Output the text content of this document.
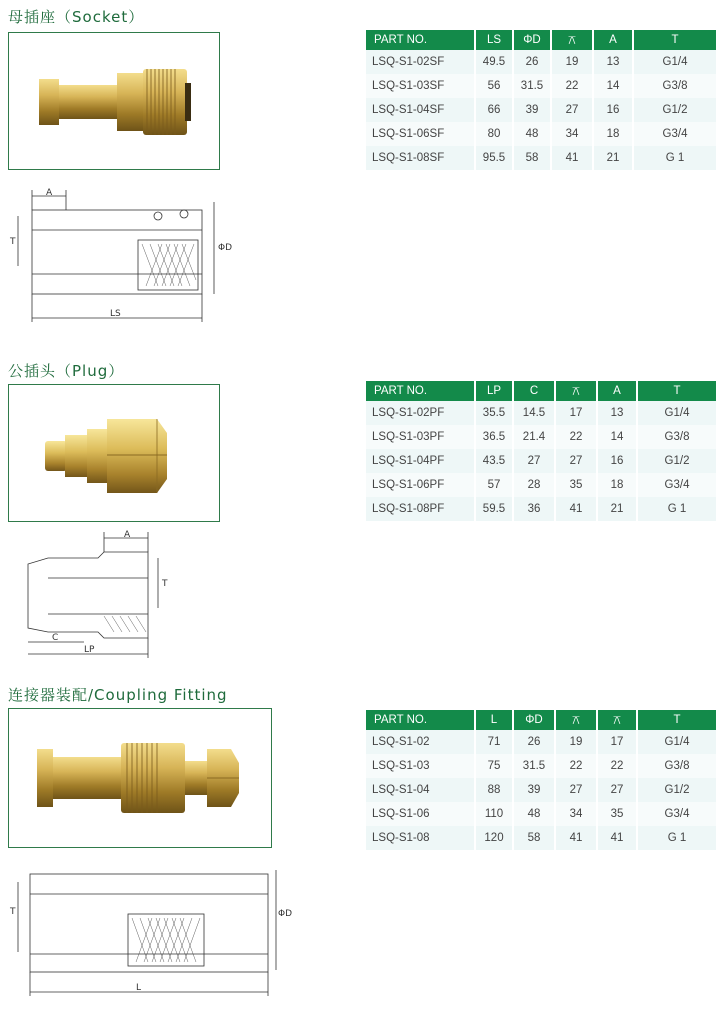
母插座（Socket）
A
T
ΦD
LS
PART NO.	LS	ΦD	⚻	A	T
LSQ-S1-02SF	49.5	26	19	13	G1/4
LSQ-S1-03SF	56	31.5	22	14	G3/8
LSQ-S1-04SF	66	39	27	16	G1/2
LSQ-S1-06SF	80	48	34	18	G3/4
LSQ-S1-08SF	95.5	58	41	21	G 1
公插头（Plug）
A
T
C
LP
PART NO.	LP	C	⚻	A	T
LSQ-S1-02PF	35.5	14.5	17	13	G1/4
LSQ-S1-03PF	36.5	21.4	22	14	G3/8
LSQ-S1-04PF	43.5	27	27	16	G1/2
LSQ-S1-06PF	57	28	35	18	G3/4
LSQ-S1-08PF	59.5	36	41	21	G 1
连接器装配/Coupling Fitting
T	ΦD
L
PART NO.	L	ΦD	⚻	⚻	T
LSQ-S1-02	71	26	19	17	G1/4
LSQ-S1-03	75	31.5	22	22	G3/8
LSQ-S1-04	88	39	27	27	G1/2
LSQ-S1-06	110	48	34	35	G3/4
LSQ-S1-08	120	58	41	41	G 1
